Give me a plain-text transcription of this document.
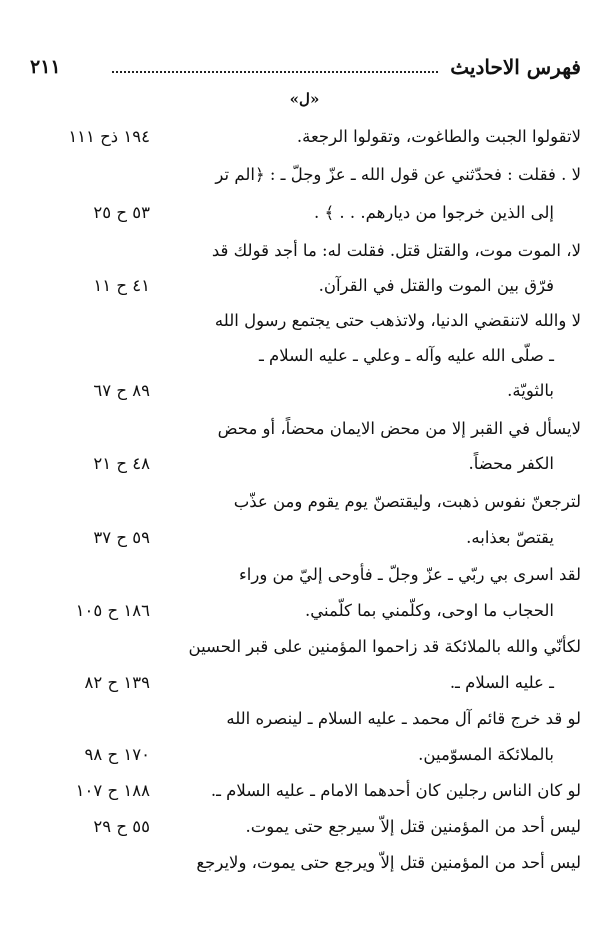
٢١١	فهرس الاحاديث
«ل»
لاتقولوا الجبت والطاغوت، وتقولوا الرجعة.
١٩٤ ذح ١١١
لا . فقلت : فحدّثني عن قول الله ـ عزّ وجلّ ـ : ﴿الم تر
إلى الذين خرجوا من ديارهم. . . ﴾ .
٥٣ ح ٢٥
لا، الموت موت، والقتل قتل. فقلت له: ما أجد قولك قد
فرّق بين الموت والقتل في القرآن.
٤١ ح ١١
لا والله لاتنقضي الدنيا، ولاتذهب حتى يجتمع رسول الله
ـ صلّى الله عليه وآله ـ وعلي ـ عليه السلام ـ
بالثويّة.
٨٩ ح ٦٧
لايسأل في القبر إلا من محض الايمان محضاً، أو محض
الكفر محضاً.
٤٨ ح ٢١
لترجعنّ نفوس ذهبت، وليقتصنّ يوم يقوم ومن عذّب
يقتصّ بعذابه.
٥٩ ح ٣٧
لقد اسرى بي ربّي ـ عزّ وجلّ ـ فأوحى إليّ من وراء
الحجاب ما اوحى، وكلّمني بما كلّمني.
١٨٦ ح ١٠٥
لكأنّي والله بالملائكة قد زاحموا المؤمنين على قبر الحسين
ـ عليه السلام ـ.
١٣٩ ح ٨٢
لو قد خرج قائم آل محمد ـ عليه السلام ـ لينصره الله
بالملائكة المسوّمين.
١٧٠ ح ٩٨
لو كان الناس رجلين كان أحدهما الامام ـ عليه السلام ـ.
١٨٨ ح ١٠٧
ليس أحد من المؤمنين قتل إلاّ سيرجع حتى يموت.
٥٥ ح ٢٩
ليس أحد من المؤمنين قتل إلاّ ويرجع حتى يموت، ولايرجع
